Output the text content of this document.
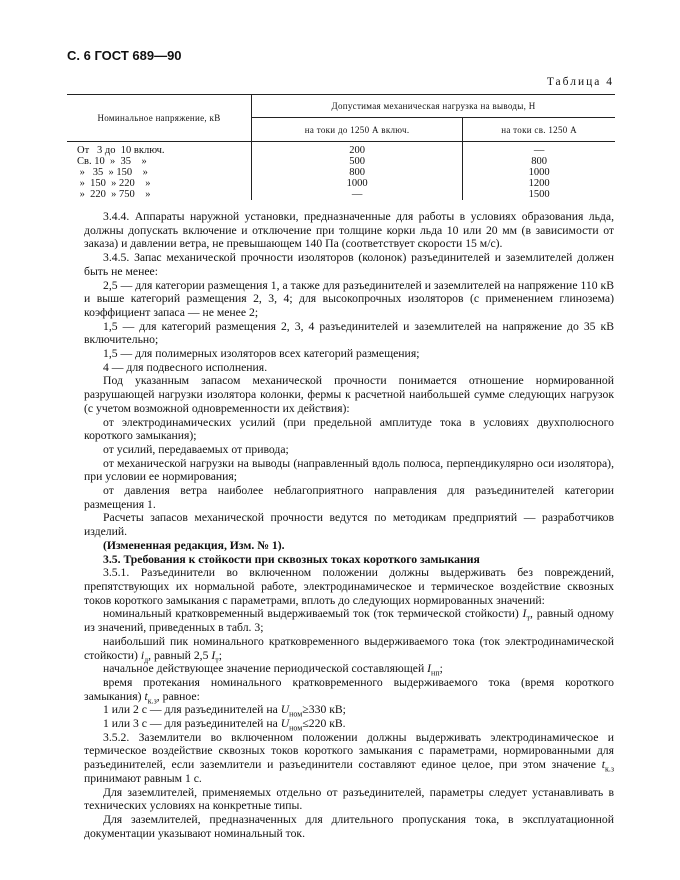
С. 6 ГОСТ 689—90
Таблица 4
Номинальное напряжение, кВ	Допустимая механическая нагрузка на выводы, Н	
	на токи до 1250 А включ.	на токи св. 1250 А
От   3 до  10 включ.	200	—
Св. 10  »  35    »	500	800
»   35  » 150    »	800	1000
»  150  » 220    »	1000	1200
»  220  » 750    »	—	1500

3.4.4. Аппараты наружной установки, предназначенные для работы в условиях образования льда, должны допускать включение и отключение при толщине корки льда 10 или 20 мм (в зависимости от заказа) и давлении ветра, не превышающем 140 Па (соответствует скорости 15 м/с).

3.4.5. Запас механической прочности изоляторов (колонок) разъединителей и заземлителей должен быть не менее:

2,5 — для категории размещения 1, а также для разъединителей и заземлителей на напряжение 110 кВ и выше категорий размещения 2, 3, 4; для высокопрочных изоляторов (с применением глинозема) коэффициент запаса — не менее 2;

1,5 — для категорий размещения 2, 3, 4 разъединителей и заземлителей на напряжение до 35 кВ включительно;

1,5 — для полимерных изоляторов всех категорий размещения;

4 — для подвесного исполнения.

Под указанным запасом механической прочности понимается отношение нормированной разрушающей нагрузки изолятора колонки, фермы к расчетной наибольшей сумме следующих нагрузок (с учетом возможной одновременности их действия):

от электродинамических усилий (при предельной амплитуде тока в условиях двухполюсного короткого замыкания);

от усилий, передаваемых от привода;

от механической нагрузки на выводы (направленный вдоль полюса, перпендикулярно оси изолятора), при условии ее нормирования;

от давления ветра наиболее неблагоприятного направления для разъединителей категории размещения 1.

Расчеты запасов механической прочности ведутся по методикам предприятий — разработчиков изделий.

(Измененная редакция, Изм. № 1).

3.5. Требования к стойкости при сквозных токах короткого замыкания

3.5.1. Разъединители во включенном положении должны выдерживать без повреждений, препятствующих их нормальной работе, электродинамическое и термическое воздействие сквозных токов короткого замыкания с параметрами, вплоть до следующих нормированных значений:

номинальный кратковременный выдерживаемый ток (ток термической стойкости) $I_т$, равный одному из значений, приведенных в табл. 3;

наибольший пик номинального кратковременного выдерживаемого тока (ток электродинамической стойкости) $i_д$, равный 2,5 $I_т$;

начальное действующее значение периодической составляющей $I_{нп}$;

время протекания номинального кратковременного выдерживаемого тока (время короткого замыкания) $t_{к.з}$, равное:

1 или 2 с — для разъединителей на $U_{ном}\ge 330$ кВ;

1 или 3 с — для разъединителей на $U_{ном}\le 220$ кВ.

3.5.2. Заземлители во включенном положении должны выдерживать электродинамическое и термическое воздействие сквозных токов короткого замыкания с параметрами, нормированными для разъединителей, если заземлители и разъединители составляют единое целое, при этом значение $t_{к.з}$ принимают равным 1 с.

Для заземлителей, применяемых отдельно от разъединителей, параметры следует устанавливать в технических условиях на конкретные типы.

Для заземлителей, предназначенных для длительного пропускания тока, в эксплуатационной документации указывают номинальный ток.
